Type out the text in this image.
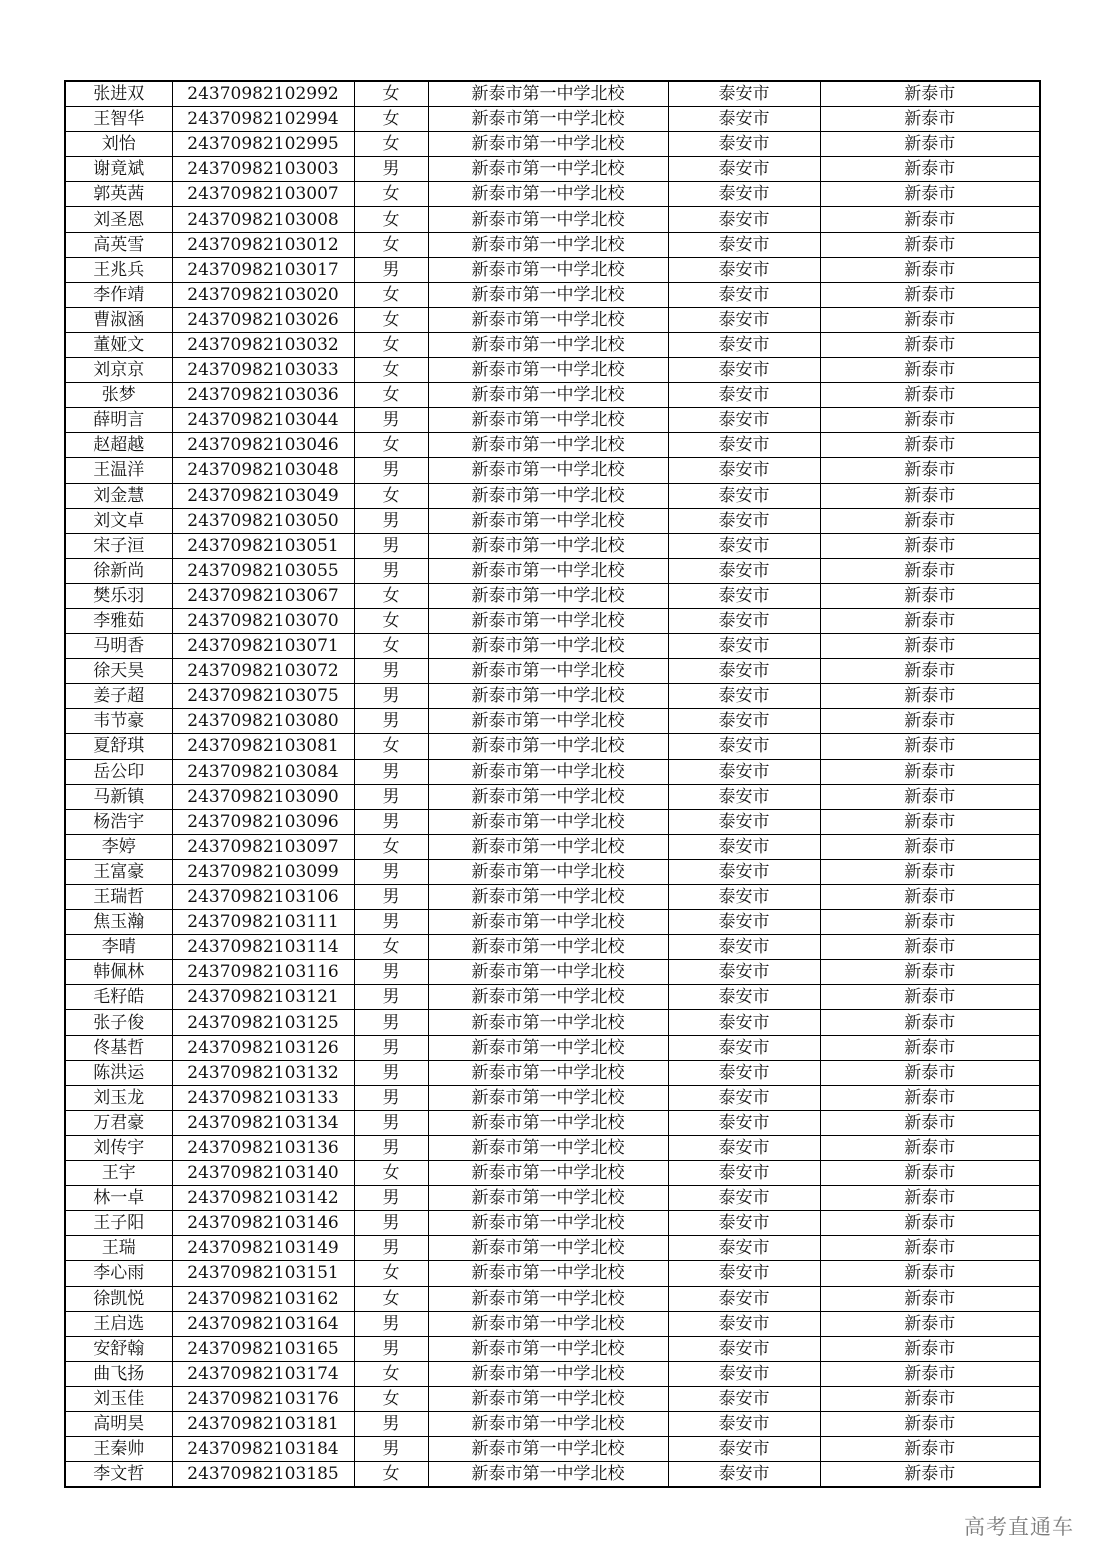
张进双	24370982102992	女	新泰市第一中学北校	泰安市	新泰市
王智华	24370982102994	女	新泰市第一中学北校	泰安市	新泰市
刘怡	24370982102995	女	新泰市第一中学北校	泰安市	新泰市
谢竟斌	24370982103003	男	新泰市第一中学北校	泰安市	新泰市
郭英茜	24370982103007	女	新泰市第一中学北校	泰安市	新泰市
刘圣恩	24370982103008	女	新泰市第一中学北校	泰安市	新泰市
高英雪	24370982103012	女	新泰市第一中学北校	泰安市	新泰市
王兆兵	24370982103017	男	新泰市第一中学北校	泰安市	新泰市
李作靖	24370982103020	女	新泰市第一中学北校	泰安市	新泰市
曹淑涵	24370982103026	女	新泰市第一中学北校	泰安市	新泰市
董娅文	24370982103032	女	新泰市第一中学北校	泰安市	新泰市
刘京京	24370982103033	女	新泰市第一中学北校	泰安市	新泰市
张梦	24370982103036	女	新泰市第一中学北校	泰安市	新泰市
薛明言	24370982103044	男	新泰市第一中学北校	泰安市	新泰市
赵超越	24370982103046	女	新泰市第一中学北校	泰安市	新泰市
王温洋	24370982103048	男	新泰市第一中学北校	泰安市	新泰市
刘金慧	24370982103049	女	新泰市第一中学北校	泰安市	新泰市
刘文卓	24370982103050	男	新泰市第一中学北校	泰安市	新泰市
宋子洹	24370982103051	男	新泰市第一中学北校	泰安市	新泰市
徐新尚	24370982103055	男	新泰市第一中学北校	泰安市	新泰市
樊乐羽	24370982103067	女	新泰市第一中学北校	泰安市	新泰市
李雅茹	24370982103070	女	新泰市第一中学北校	泰安市	新泰市
马明香	24370982103071	女	新泰市第一中学北校	泰安市	新泰市
徐天昊	24370982103072	男	新泰市第一中学北校	泰安市	新泰市
姜子超	24370982103075	男	新泰市第一中学北校	泰安市	新泰市
韦节豪	24370982103080	男	新泰市第一中学北校	泰安市	新泰市
夏舒琪	24370982103081	女	新泰市第一中学北校	泰安市	新泰市
岳公印	24370982103084	男	新泰市第一中学北校	泰安市	新泰市
马新镇	24370982103090	男	新泰市第一中学北校	泰安市	新泰市
杨浩宇	24370982103096	男	新泰市第一中学北校	泰安市	新泰市
李婷	24370982103097	女	新泰市第一中学北校	泰安市	新泰市
王富豪	24370982103099	男	新泰市第一中学北校	泰安市	新泰市
王瑞哲	24370982103106	男	新泰市第一中学北校	泰安市	新泰市
焦玉瀚	24370982103111	男	新泰市第一中学北校	泰安市	新泰市
李晴	24370982103114	女	新泰市第一中学北校	泰安市	新泰市
韩佩林	24370982103116	男	新泰市第一中学北校	泰安市	新泰市
毛籽皓	24370982103121	男	新泰市第一中学北校	泰安市	新泰市
张子俊	24370982103125	男	新泰市第一中学北校	泰安市	新泰市
佟基哲	24370982103126	男	新泰市第一中学北校	泰安市	新泰市
陈洪运	24370982103132	男	新泰市第一中学北校	泰安市	新泰市
刘玉龙	24370982103133	男	新泰市第一中学北校	泰安市	新泰市
万君豪	24370982103134	男	新泰市第一中学北校	泰安市	新泰市
刘传宇	24370982103136	男	新泰市第一中学北校	泰安市	新泰市
王宇	24370982103140	女	新泰市第一中学北校	泰安市	新泰市
林一卓	24370982103142	男	新泰市第一中学北校	泰安市	新泰市
王子阳	24370982103146	男	新泰市第一中学北校	泰安市	新泰市
王瑞	24370982103149	男	新泰市第一中学北校	泰安市	新泰市
李心雨	24370982103151	女	新泰市第一中学北校	泰安市	新泰市
徐凯悦	24370982103162	女	新泰市第一中学北校	泰安市	新泰市
王启选	24370982103164	男	新泰市第一中学北校	泰安市	新泰市
安舒翰	24370982103165	男	新泰市第一中学北校	泰安市	新泰市
曲飞扬	24370982103174	女	新泰市第一中学北校	泰安市	新泰市
刘玉佳	24370982103176	女	新泰市第一中学北校	泰安市	新泰市
高明昊	24370982103181	男	新泰市第一中学北校	泰安市	新泰市
王秦帅	24370982103184	男	新泰市第一中学北校	泰安市	新泰市
李文哲	24370982103185	女	新泰市第一中学北校	泰安市	新泰市
高考直通车
